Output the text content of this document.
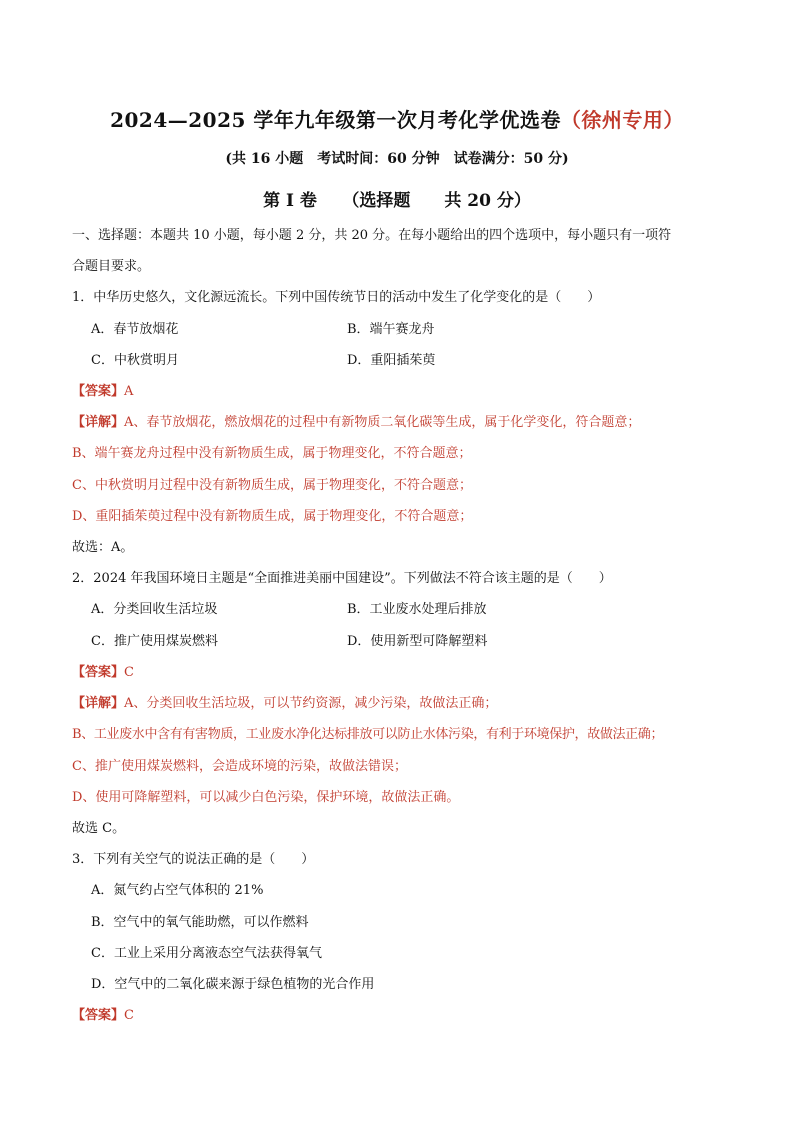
2024—2025 学年九年级第一次月考化学优选卷（徐州专用）
(共 16 小题　考试时间：60 分钟　试卷满分：50 分)
第 I 卷　　（选择题　　共 20 分）
一、选择题：本题共 10 小题，每小题 2 分，共 20 分。在每小题给出的四个选项中，每小题只有一项符
合题目要求。
1．中华历史悠久，文化源远流长。下列中国传统节日的活动中发生了化学变化的是（　　）
A．春节放烟花	B．端午赛龙舟
C．中秋赏明月	D．重阳插茱萸
【答案】A
【详解】A、春节放烟花，燃放烟花的过程中有新物质二氧化碳等生成，属于化学变化，符合题意；
B、端午赛龙舟过程中没有新物质生成，属于物理变化，不符合题意；
C、中秋赏明月过程中没有新物质生成，属于物理变化，不符合题意；
D、重阳插茱萸过程中没有新物质生成，属于物理变化，不符合题意；
故选：A。
2．2024 年我国环境日主题是“全面推进美丽中国建设”。下列做法不符合该主题的是（　　）
A．分类回收生活垃圾	B．工业废水处理后排放
C．推广使用煤炭燃料	D．使用新型可降解塑料
【答案】C
【详解】A、分类回收生活垃圾，可以节约资源，减少污染，故做法正确；
B、工业废水中含有有害物质，工业废水净化达标排放可以防止水体污染，有利于环境保护，故做法正确；
C、推广使用煤炭燃料，会造成环境的污染，故做法错误；
D、使用可降解塑料，可以减少白色污染，保护环境，故做法正确。
故选 C。
3．下列有关空气的说法正确的是（　　）
A．氮气约占空气体积的 21%
B．空气中的氧气能助燃，可以作燃料
C．工业上采用分离液态空气法获得氧气
D．空气中的二氧化碳来源于绿色植物的光合作用
【答案】C
